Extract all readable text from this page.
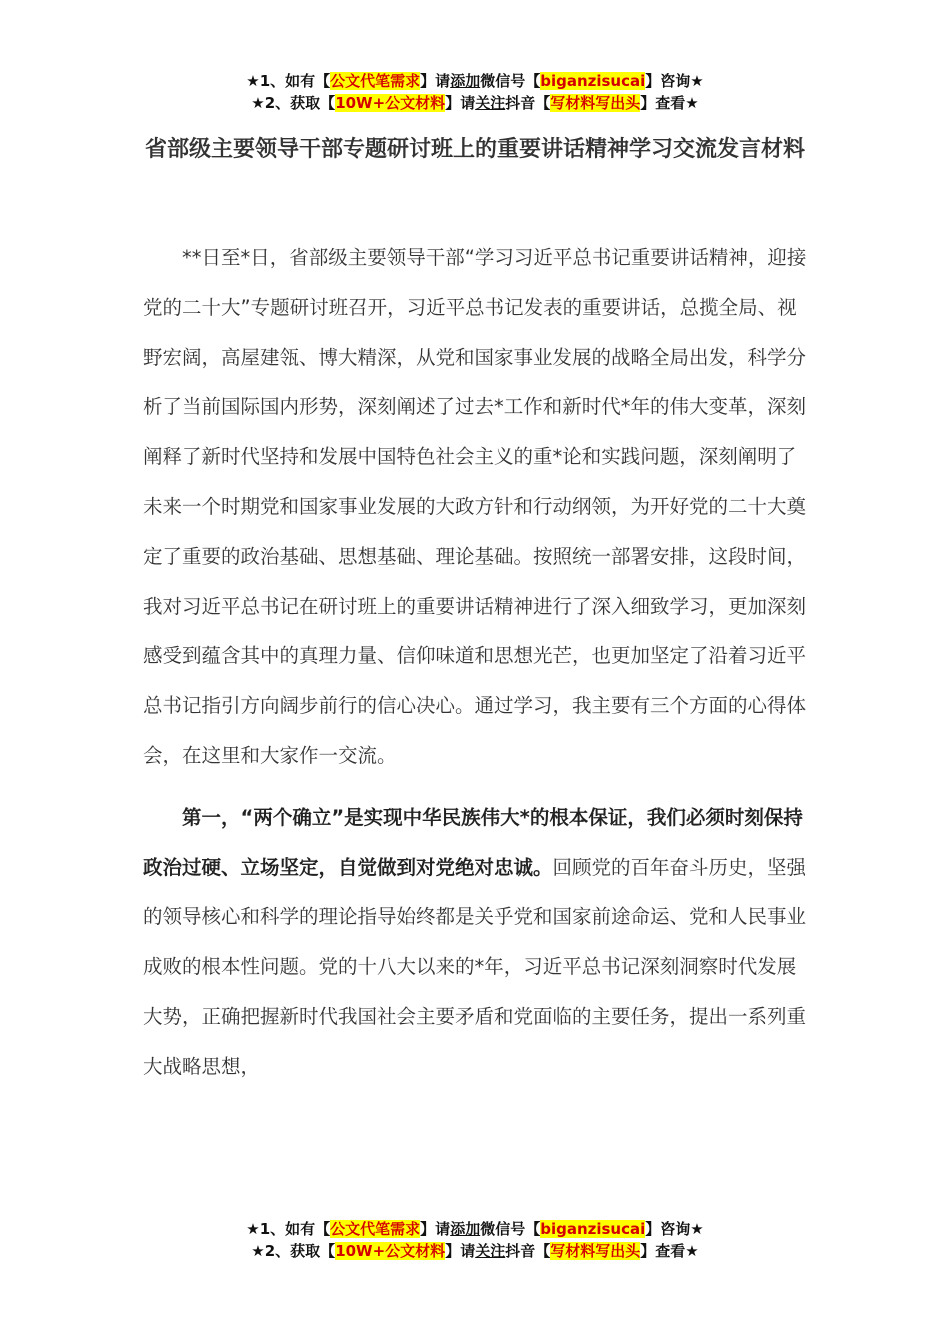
★1、如有【公文代笔需求】请添加微信号【biganzisucai】咨询★
★2、获取【10W+公文材料】请关注抖音【写材料写出头】查看★
省部级主要领导干部专题研讨班上的重要讲话精神学习交流发言材料

**日至*日，省部级主要领导干部“学习习近平总书记重要讲话精神，迎接党的二十大”专题研讨班召开，习近平总书记发表的重要讲话，总揽全局、视野宏阔，高屋建瓴、博大精深，从党和国家事业发展的战略全局出发，科学分析了当前国际国内形势，深刻阐述了过去*工作和新时代*年的伟大变革，深刻阐释了新时代坚持和发展中国特色社会主义的重*论和实践问题，深刻阐明了未来一个时期党和国家事业发展的大政方针和行动纲领，为开好党的二十大奠定了重要的政治基础、思想基础、理论基础。按照统一部署安排，这段时间，我对习近平总书记在研讨班上的重要讲话精神进行了深入细致学习，更加深刻感受到蕴含其中的真理力量、信仰味道和思想光芒，也更加坚定了沿着习近平总书记指引方向阔步前行的信心决心。通过学习，我主要有三个方面的心得体会，在这里和大家作一交流。

第一，“两个确立”是实现中华民族伟大*的根本保证，我们必须时刻保持政治过硬、立场坚定，自觉做到对党绝对忠诚。回顾党的百年奋斗历史，坚强的领导核心和科学的理论指导始终都是关乎党和国家前途命运、党和人民事业成败的根本性问题。党的十八大以来的*年，习近平总书记深刻洞察时代发展大势，正确把握新时代我国社会主要矛盾和党面临的主要任务，提出一系列重大战略思想，

★1、如有【公文代笔需求】请添加微信号【biganzisucai】咨询★
★2、获取【10W+公文材料】请关注抖音【写材料写出头】查看★
